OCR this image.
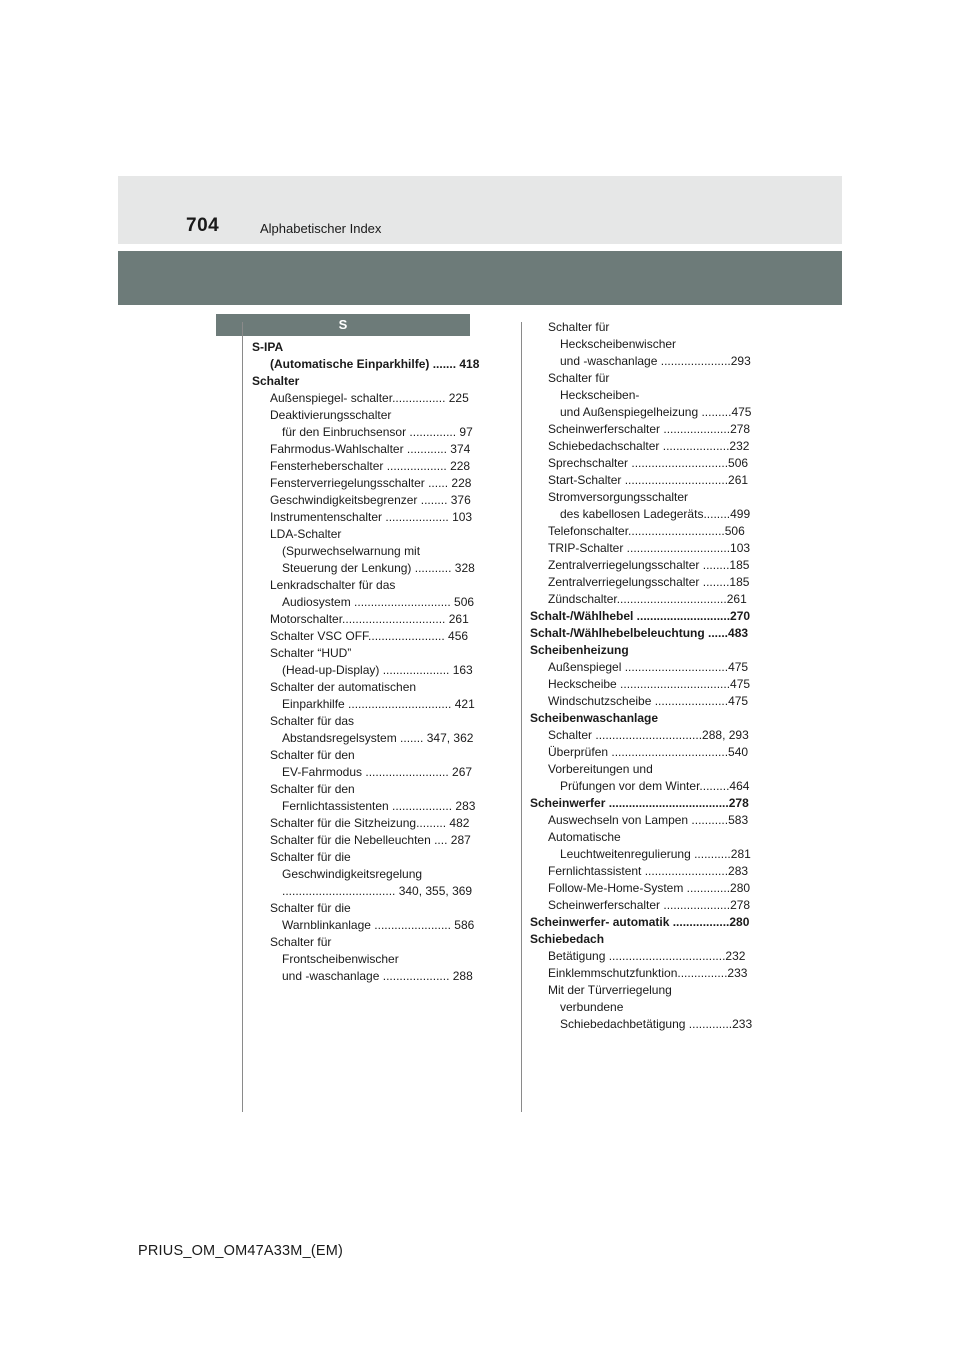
704	Alphabetischer Index
S
S-IPA
(Automatische Einparkhilfe) ....... 418
Schalter
Außenspiegel- schalter................ 225
Deaktivierungsschalter
für den Einbruchsensor .............. 97
Fahrmodus-Wahlschalter ............ 374
Fensterheberschalter .................. 228
Fensterverriegelungsschalter ...... 228
Geschwindigkeitsbegrenzer ........ 376
Instrumentenschalter ................... 103
LDA-Schalter
(Spurwechselwarnung mit
Steuerung der Lenkung) ........... 328
Lenkradschalter für das
Audiosystem ............................. 506
Motorschalter............................... 261
Schalter VSC OFF....................... 456
Schalter “HUD”
(Head-up-Display) .................... 163
Schalter der automatischen
Einparkhilfe ............................... 421
Schalter für das
Abstandsregelsystem ....... 347, 362
Schalter für den
EV-Fahrmodus ......................... 267
Schalter für den
Fernlichtassistenten .................. 283
Schalter für die Sitzheizung......... 482
Schalter für die Nebelleuchten .... 287
Schalter für die
Geschwindigkeitsregelung
.................................. 340, 355, 369
Schalter für die
Warnblinkanlage ....................... 586
Schalter für
Frontscheibenwischer
und -waschanlage .................... 288
Schalter für
Heckscheibenwischer
und -waschanlage .....................293
Schalter für
Heckscheiben-
und Außenspiegelheizung .........475
Scheinwerferschalter ....................278
Schiebedachschalter ....................232
Sprechschalter .............................506
Start-Schalter ...............................261
Stromversorgungsschalter
des kabellosen Ladegeräts........499
Telefonschalter.............................506
TRIP-Schalter ...............................103
Zentralverriegelungsschalter ........185
Zentralverriegelungsschalter ........185
Zündschalter.................................261
Schalt-/Wählhebel ............................270
Schalt-/Wählhebelbeleuchtung ......483
Scheibenheizung
Außenspiegel ...............................475
Heckscheibe .................................475
Windschutzscheibe ......................475
Scheibenwaschanlage
Schalter ................................288, 293
Überprüfen ...................................540
Vorbereitungen und
Prüfungen vor dem Winter.........464
Scheinwerfer ....................................278
Auswechseln von Lampen ...........583
Automatische
Leuchtweitenregulierung ...........281
Fernlichtassistent .........................283
Follow-Me-Home-System .............280
Scheinwerferschalter ....................278
Scheinwerfer- automatik .................280
Schiebedach
Betätigung ...................................232
Einklemmschutzfunktion...............233
Mit der Türverriegelung
verbundene
Schiebedachbetätigung .............233
PRIUS_OM_OM47A33M_(EM)
